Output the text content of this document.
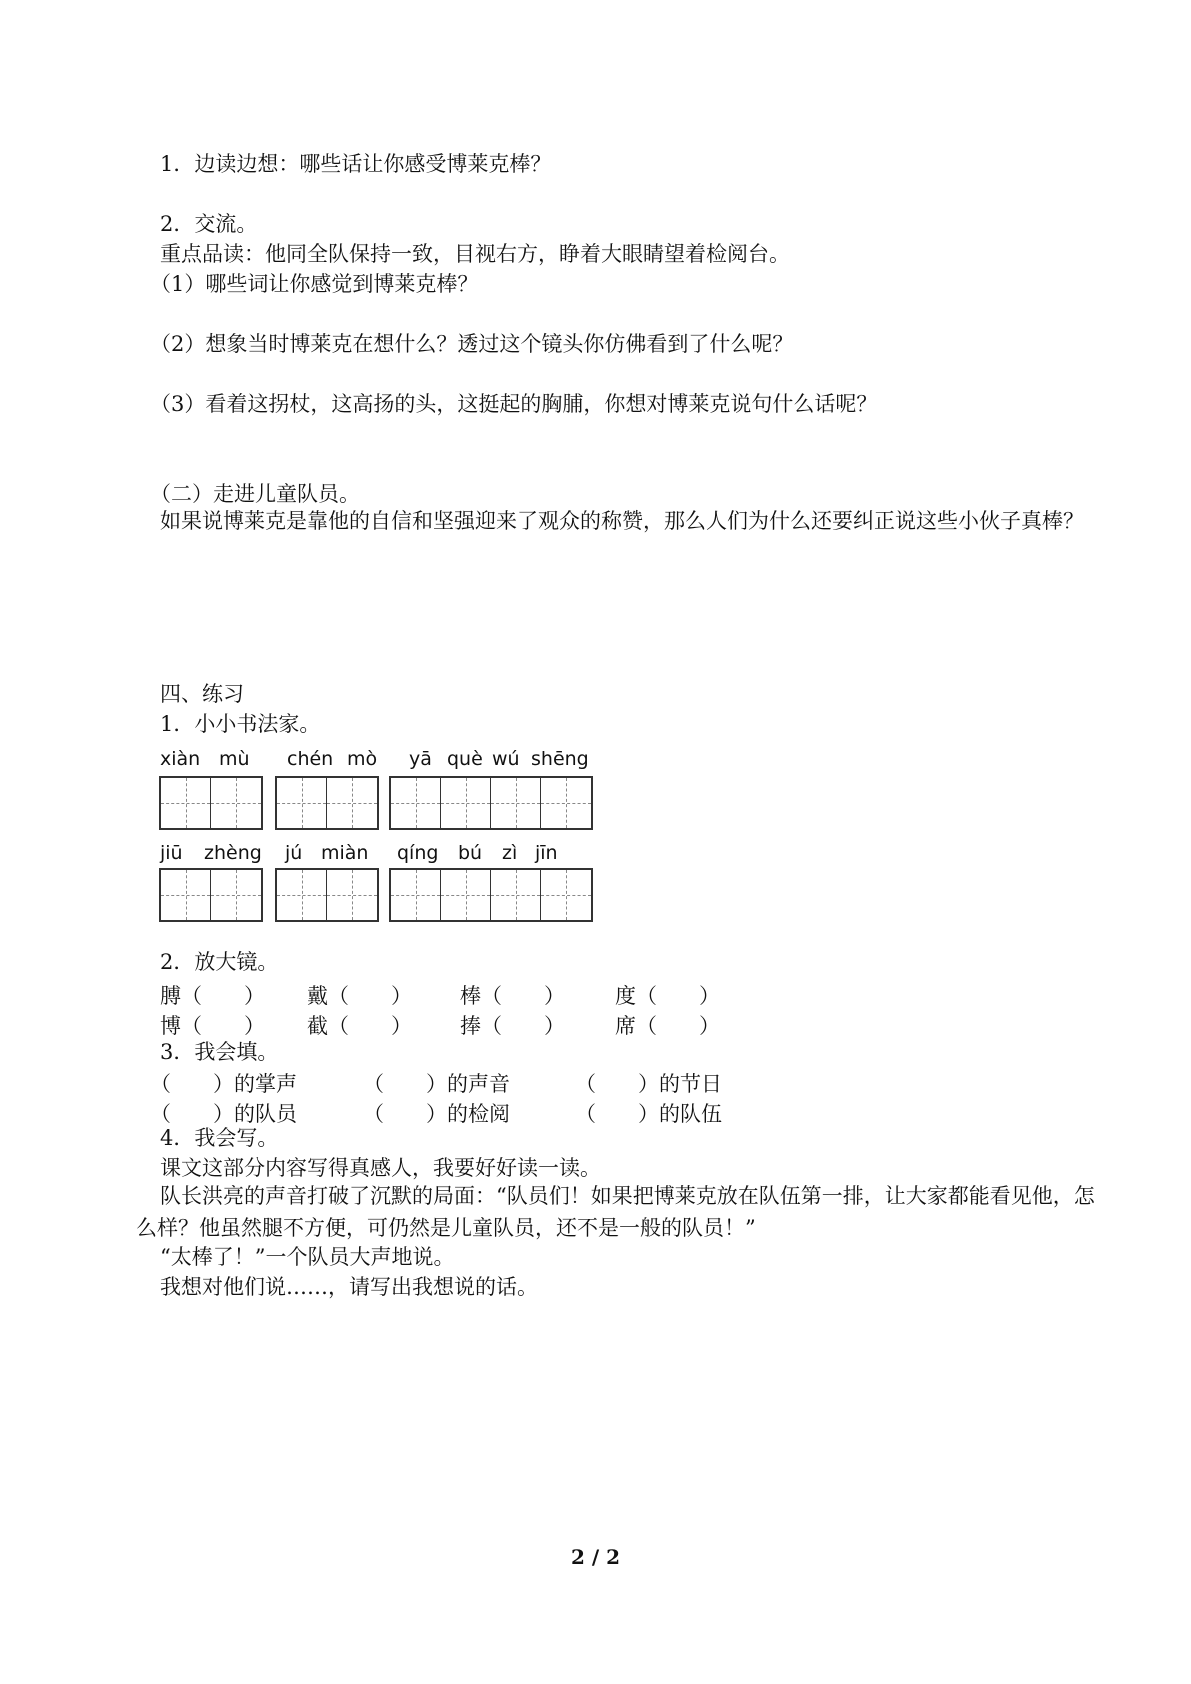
1．边读边想：哪些话让你感受博莱克棒？
2．交流。
重点品读：他同全队保持一致，目视右方，睁着大眼睛望着检阅台。
（1）哪些词让你感觉到博莱克棒？
（2）想象当时博莱克在想什么？透过这个镜头你仿佛看到了什么呢？
（3）看着这拐杖，这高扬的头，这挺起的胸脯，你想对博莱克说句什么话呢？
（二）走进儿童队员。
如果说博莱克是靠他的自信和坚强迎来了观众的称赞，那么人们为什么还要纠正说这些小伙子真棒？
四、练习
1．小小书法家。
xiàn mù chén mò yā què wú shēng
jiū zhèng jú miàn qíng bú zì jīn
2．放大镜。
膊（　　） 戴（　　） 棒（　　） 度（　　）
博（　　） 截（　　） 捧（　　） 席（　　）
3．我会填。
（　　）的掌声	（　　）的声音	（　　）的节日
（　　）的队员	（　　）的检阅	（　　）的队伍
4．我会写。
课文这部分内容写得真感人，我要好好读一读。
队长洪亮的声音打破了沉默的局面：“队员们！如果把博莱克放在队伍第一排，让大家都能看见他，怎么样？他虽然腿不方便，可仍然是儿童队员，还不是一般的队员！”
“太棒了！”一个队员大声地说。
我想对他们说……，请写出我想说的话。
2 / 2
